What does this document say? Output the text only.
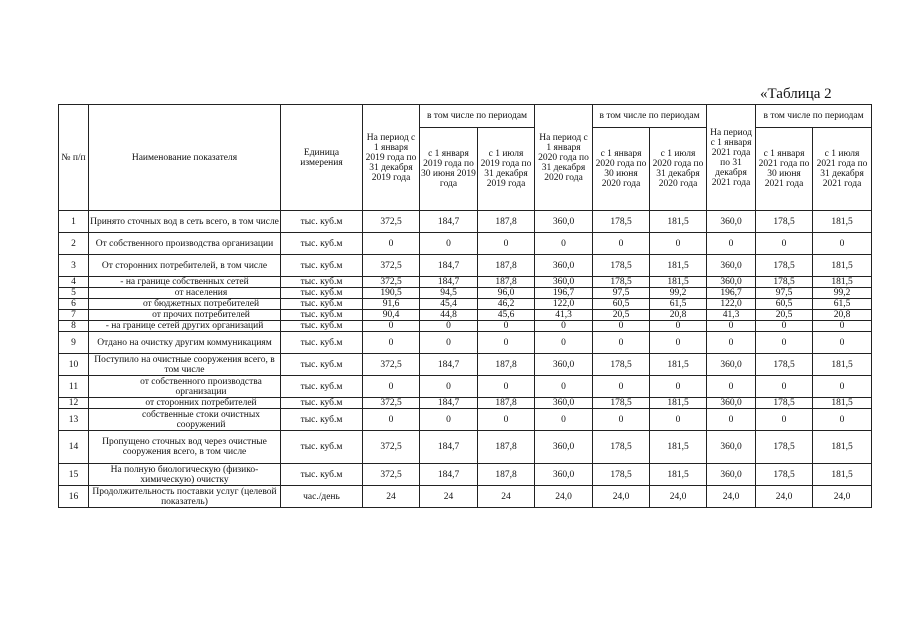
«Таблица 2
№ п/п	Наименование показателя	Единица измерения	На период с 1 января 2019 года по 31 декабря 2019 года	в том числе по периодам		На период с 1 января 2020 года по 31 декабря 2020 года	в том числе по периодам		На период с 1 января 2021 года по 31 декабря 2021 года	в том числе по периодам	
				с 1 января 2019 года по 30 июня 2019 года	с 1 июля 2019 года по 31 декабря 2019 года		с 1 января 2020 года по 30 июня 2020 года	с 1 июля 2020 года по 31 декабря 2020 года		с 1 января 2021 года по 30 июня 2021 года	с 1 июля 2021 года по 31 декабря 2021 года
1	Принято сточных вод в сеть всего, в том числе	тыс. куб.м	372,5	184,7	187,8	360,0	178,5	181,5	360,0	178,5	181,5
2	От собственного производства организации	тыс. куб.м	0	0	0	0	0	0	0	0	0
3	От сторонних потребителей, в том числе	тыс. куб.м	372,5	184,7	187,8	360,0	178,5	181,5	360,0	178,5	181,5
4	- на границе собственных сетей	тыс. куб.м	372,5	184,7	187,8	360,0	178,5	181,5	360,0	178,5	181,5
5	от населения	тыс. куб.м	190,5	94,5	96,0	196,7	97,5	99,2	196,7	97,5	99,2
6	от бюджетных потребителей	тыс. куб.м	91,6	45,4	46,2	122,0	60,5	61,5	122,0	60,5	61,5
7	от прочих потребителей	тыс. куб.м	90,4	44,8	45,6	41,3	20,5	20,8	41,3	20,5	20,8
8	- на границе сетей других организаций	тыс. куб.м	0	0	0	0	0	0	0	0	0
9	Отдано на очистку другим коммуникациям	тыс. куб.м	0	0	0	0	0	0	0	0	0
10	Поступило на очистные сооружения всего, в том числе	тыс. куб.м	372,5	184,7	187,8	360,0	178,5	181,5	360,0	178,5	181,5
11	от собственного производства организации	тыс. куб.м	0	0	0	0	0	0	0	0	0
12	от сторонних потребителей	тыс. куб.м	372,5	184,7	187,8	360,0	178,5	181,5	360,0	178,5	181,5
13	собственные стоки очистных сооружений	тыс. куб.м	0	0	0	0	0	0	0	0	0
14	Пропущено сточных вод через очистные сооружения всего, в том числе	тыс. куб.м	372,5	184,7	187,8	360,0	178,5	181,5	360,0	178,5	181,5
15	На полную биологическую (физико-химическую) очистку	тыс. куб.м	372,5	184,7	187,8	360,0	178,5	181,5	360,0	178,5	181,5
16	Продолжительность поставки услуг (целевой показатель)	час./день	24	24	24	24,0	24,0	24,0	24,0	24,0	24,0
